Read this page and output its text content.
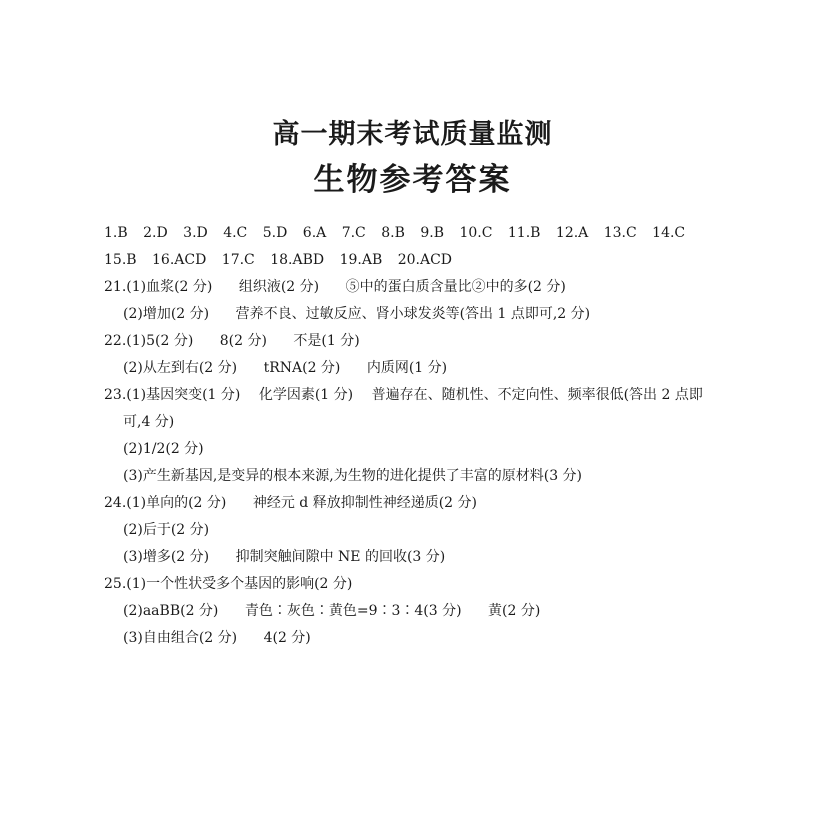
高一期末考试质量监测
生物参考答案
1.B 2.D 3.D 4.C 5.D 6.A 7.C 8.B 9.B 10.C 11.B 12.A 13.C 14.C
15.B 16.ACD 17.C 18.ABD 19.AB 20.ACD
21.(1)血浆(2 分) 组织液(2 分) ⑤中的蛋白质含量比②中的多(2 分)
(2)增加(2 分) 营养不良、过敏反应、肾小球发炎等(答出 1 点即可,2 分)
22.(1)5(2 分) 8(2 分) 不是(1 分)
(2)从左到右(2 分) tRNA(2 分) 内质网(1 分)
23.(1)基因突变(1 分) 化学因素(1 分) 普遍存在、随机性、不定向性、频率很低(答出 2 点即
可,4 分)
(2)1/2(2 分)
(3)产生新基因,是变异的根本来源,为生物的进化提供了丰富的原材料(3 分)
24.(1)单向的(2 分) 神经元 d 释放抑制性神经递质(2 分)
(2)后于(2 分)
(3)增多(2 分) 抑制突触间隙中 NE 的回收(3 分)
25.(1)一个性状受多个基因的影响(2 分)
(2)aaBB(2 分) 青色∶灰色∶黄色=9∶3∶4(3 分) 黄(2 分)
(3)自由组合(2 分) 4(2 分)
